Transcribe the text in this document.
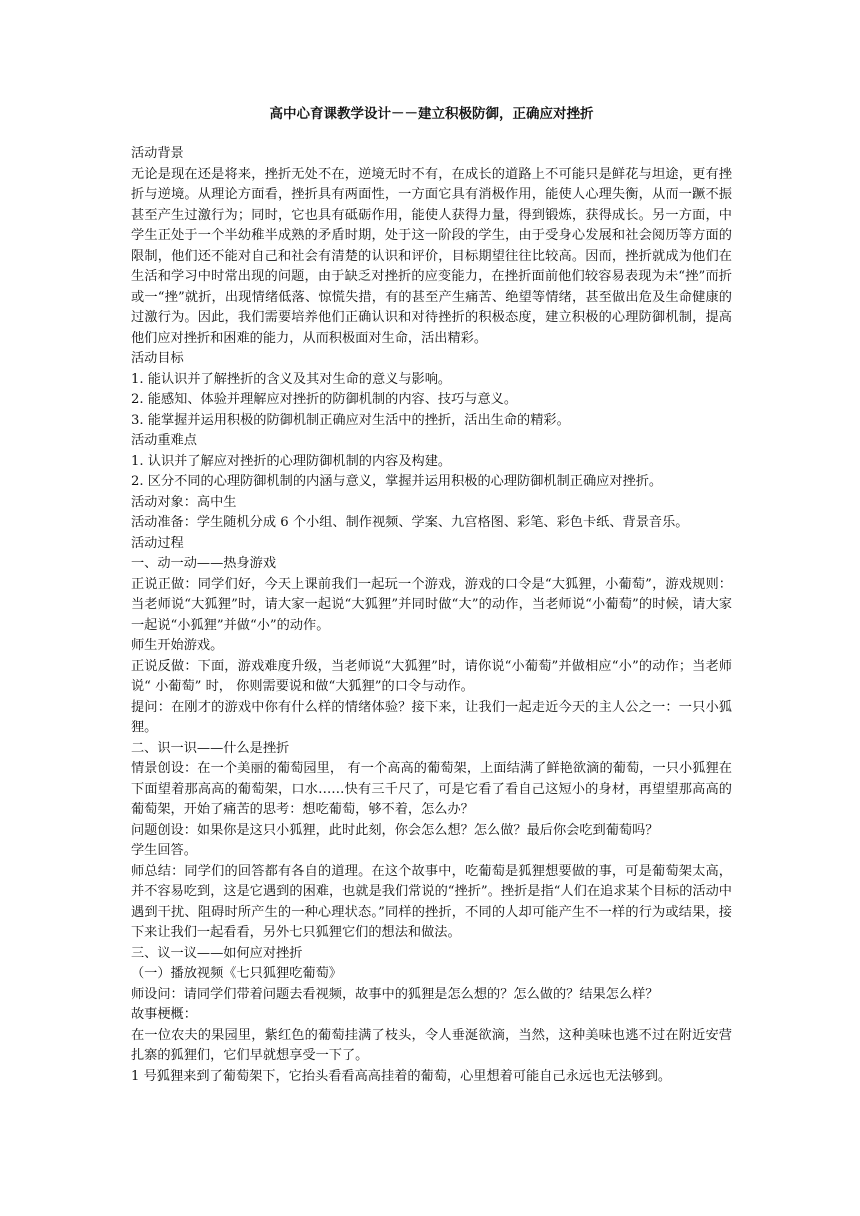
高中心育课教学设计－－建立积极防御，正确应对挫折

活动背景

无论是现在还是将来，挫折无处不在，逆境无时不有，在成长的道路上不可能只是鲜花与坦途，更有挫折与逆境。从理论方面看，挫折具有两面性，一方面它具有消极作用，能使人心理失衡，从而一蹶不振甚至产生过激行为；同时，它也具有砥砺作用，能使人获得力量，得到锻炼，获得成长。另一方面，中学生正处于一个半幼稚半成熟的矛盾时期，处于这一阶段的学生，由于受身心发展和社会阅历等方面的限制，他们还不能对自己和社会有清楚的认识和评价，目标期望往往比较高。因而，挫折就成为他们在生活和学习中时常出现的问题，由于缺乏对挫折的应变能力，在挫折面前他们较容易表现为未“挫”而折或一“挫”就折，出现情绪低落、惊慌失措，有的甚至产生痛苦、绝望等情绪，甚至做出危及生命健康的过激行为。因此，我们需要培养他们正确认识和对待挫折的积极态度，建立积极的心理防御机制，提高他们应对挫折和困难的能力，从而积极面对生命，活出精彩。

活动目标

1. 能认识并了解挫折的含义及其对生命的意义与影响。

2. 能感知、体验并理解应对挫折的防御机制的内容、技巧与意义。

3. 能掌握并运用积极的防御机制正确应对生活中的挫折，活出生命的精彩。

活动重难点

1. 认识并了解应对挫折的心理防御机制的内容及构建。

2. 区分不同的心理防御机制的内涵与意义，掌握并运用积极的心理防御机制正确应对挫折。

活动对象：高中生

活动准备：学生随机分成 6 个小组、制作视频、学案、九宫格图、彩笔、彩色卡纸、背景音乐。

活动过程

一、动一动——热身游戏

正说正做：同学们好，今天上课前我们一起玩一个游戏，游戏的口令是“大狐狸，小葡萄”，游戏规则：当老师说“大狐狸”时，请大家一起说“大狐狸”并同时做“大”的动作，当老师说“小葡萄”的时候，请大家一起说“小狐狸”并做“小”的动作。

师生开始游戏。

正说反做：下面，游戏难度升级，当老师说“大狐狸”时，请你说“小葡萄”并做相应“小”的动作；当老师说“ 小葡萄” 时， 你则需要说和做“大狐狸”的口令与动作。

提问：在刚才的游戏中你有什么样的情绪体验？接下来，让我们一起走近今天的主人公之一：一只小狐狸。

二、识一识——什么是挫折

情景创设：在一个美丽的葡萄园里， 有一个高高的葡萄架，上面结满了鲜艳欲滴的葡萄，一只小狐狸在下面望着那高高的葡萄架，口水……快有三千尺了，可是它看了看自己这短小的身材，再望望那高高的葡萄架，开始了痛苦的思考：想吃葡萄，够不着，怎么办？

问题创设：如果你是这只小狐狸，此时此刻，你会怎么想？怎么做？最后你会吃到葡萄吗？

学生回答。

师总结：同学们的回答都有各自的道理。在这个故事中，吃葡萄是狐狸想要做的事，可是葡萄架太高，并不容易吃到，这是它遇到的困难，也就是我们常说的“挫折”。挫折是指“人们在追求某个目标的活动中遇到干扰、阻碍时所产生的一种心理状态。”同样的挫折，不同的人却可能产生不一样的行为或结果，接下来让我们一起看看，另外七只狐狸它们的想法和做法。

三、议一议——如何应对挫折

（一）播放视频《七只狐狸吃葡萄》

师设问：请同学们带着问题去看视频，故事中的狐狸是怎么想的？怎么做的？结果怎么样？

故事梗概：

在一位农夫的果园里，紫红色的葡萄挂满了枝头，令人垂涎欲滴，当然，这种美味也逃不过在附近安营扎寨的狐狸们，它们早就想享受一下了。

1 号狐狸来到了葡萄架下，它抬头看看高高挂着的葡萄，心里想着可能自己永远也无法够到。
